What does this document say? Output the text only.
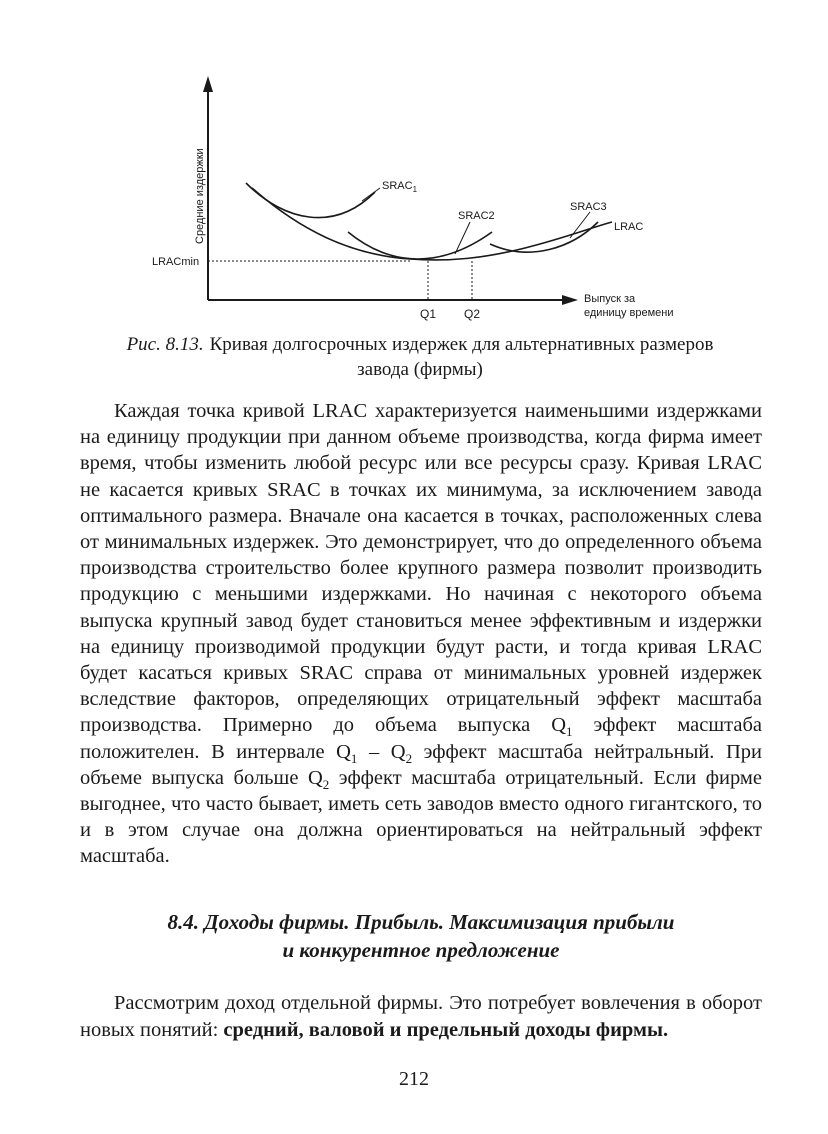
Средние издержки
LRACmin
$SRAC_1$
SRAC2
SRAC3
LRAC
Q1 Q2
Выпуск за
единицу времени
Рис. 8.13. Кривая долгосрочных издержек для альтернативных размеров
завода (фирмы)

Каждая точка кривой LRAC характеризуется наименьшими издержками на единицу продукции при данном объеме производства, когда фирма имеет время, чтобы изменить любой ресурс или все ресурсы сразу. Кривая LRAC не касается кривых SRAC в точках их минимума, за исключением завода оптимального размера. Вначале она касается в точках, расположенных слева от минимальных издержек. Это демонстрирует, что до определенного объема производства строительство более крупного размера позволит производить продукцию с меньшими издержками. Но начиная с некоторого объема выпуска крупный завод будет становиться менее эффективным и издержки на единицу производимой продукции будут расти, и тогда кривая LRAC будет касаться кривых SRAC справа от минимальных уровней издержек вследствие факторов, определяющих отрицательный эффект масштаба производства. Примерно до объема выпуска $Q_1$ эффект масштаба положителен. В интервале $Q_1 - Q_2$ эффект масштаба нейтральный. При объеме выпуска больше $Q_2$ эффект масштаба отрицательный. Если фирме выгоднее, что часто бывает, иметь сеть заводов вместо одного гигантского, то и в этом случае она должна ориентироваться на нейтральный эффект масштаба.

8.4. Доходы фирмы. Прибыль. Максимизация прибыли
и конкурентное предложение

Рассмотрим доход отдельной фирмы. Это потребует вовлечения в оборот новых понятий: средний, валовой и предельный доходы фирмы.

212
